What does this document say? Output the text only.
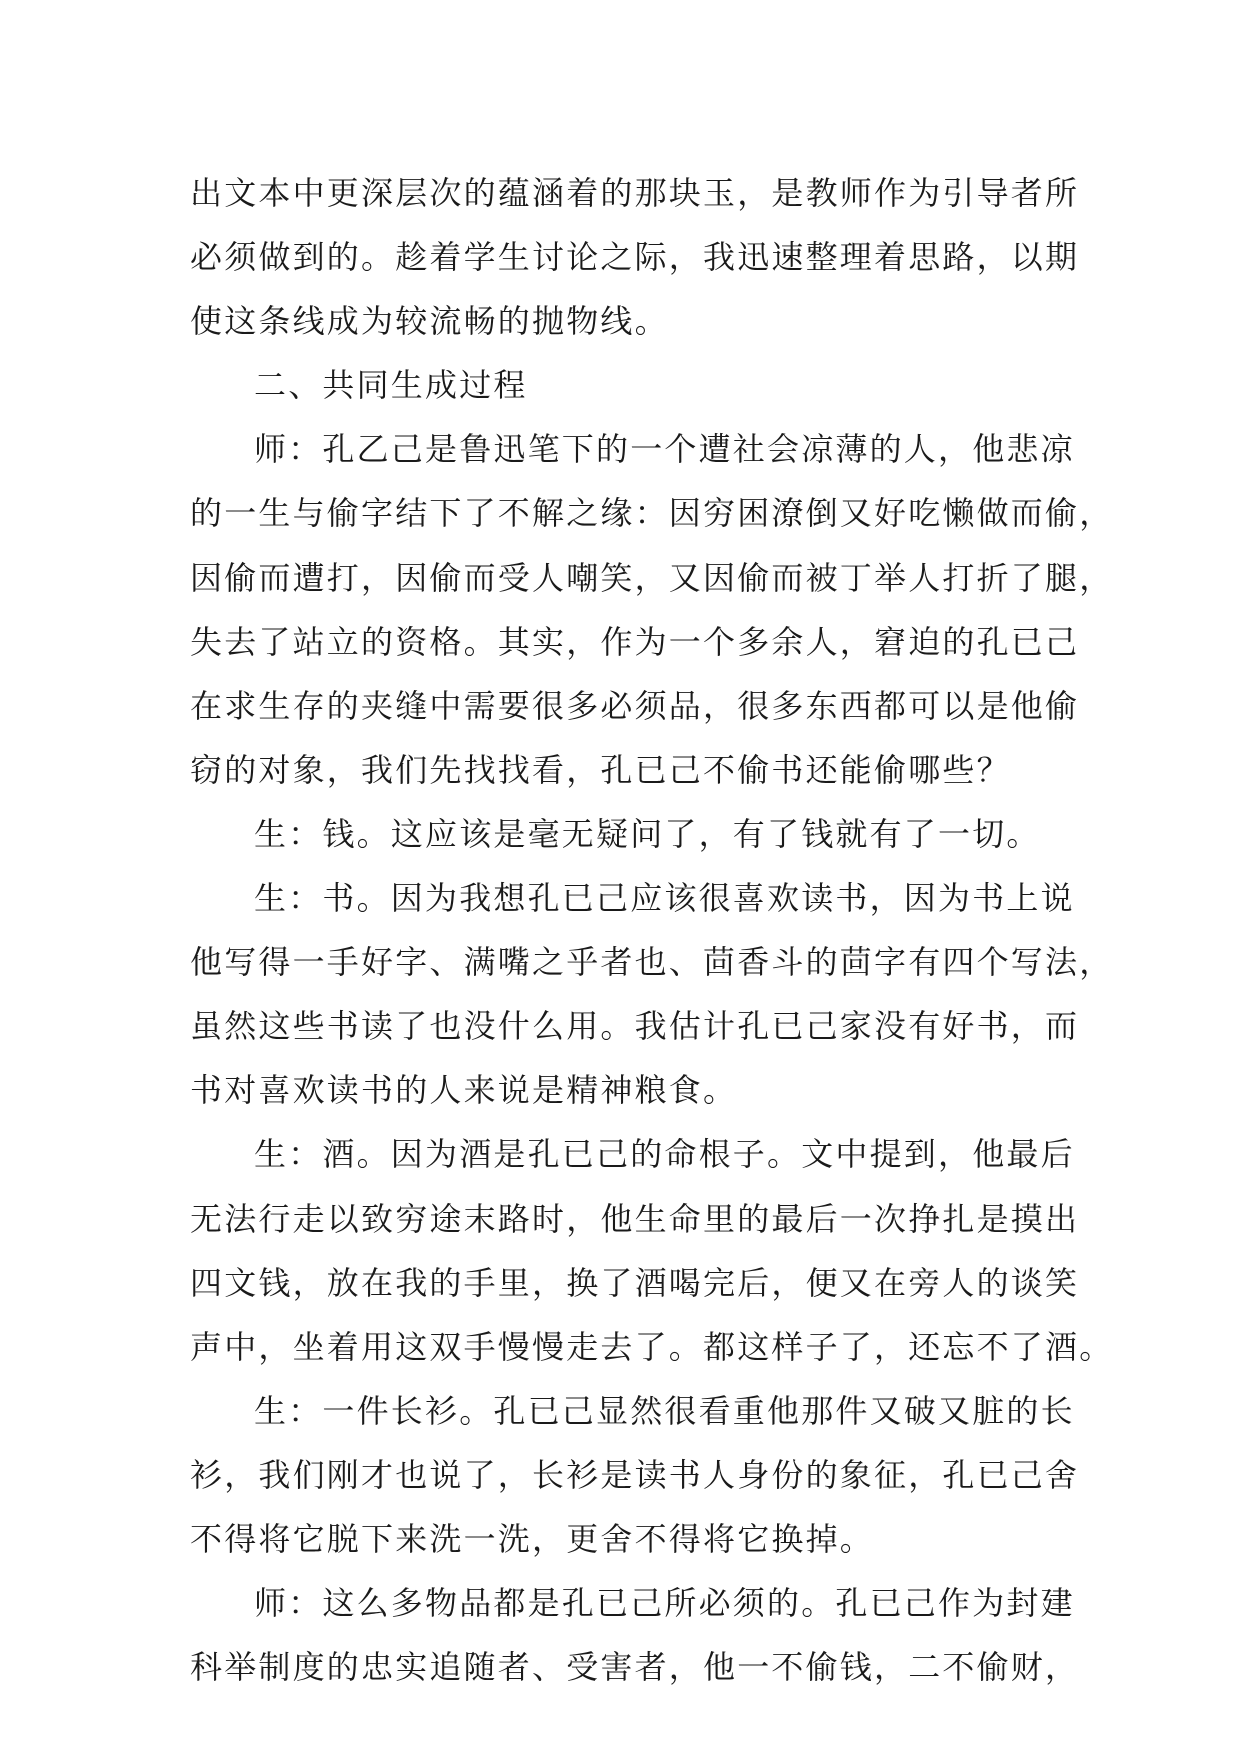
出文本中更深层次的蕴涵着的那块玉，是教师作为引导者所
必须做到的。趁着学生讨论之际，我迅速整理着思路，以期
使这条线成为较流畅的抛物线。
二、共同生成过程
师：孔乙己是鲁迅笔下的一个遭社会凉薄的人，他悲凉
的一生与偷字结下了不解之缘：因穷困潦倒又好吃懒做而偷，
因偷而遭打，因偷而受人嘲笑，又因偷而被丁举人打折了腿，
失去了站立的资格。其实，作为一个多余人，窘迫的孔已己
在求生存的夹缝中需要很多必须品，很多东西都可以是他偷
窃的对象，我们先找找看，孔已己不偷书还能偷哪些？
生：钱。这应该是毫无疑问了，有了钱就有了一切。
生：书。因为我想孔已己应该很喜欢读书，因为书上说
他写得一手好字、满嘴之乎者也、茴香斗的茴字有四个写法，
虽然这些书读了也没什么用。我估计孔已己家没有好书，而
书对喜欢读书的人来说是精神粮食。
生：酒。因为酒是孔已己的命根子。文中提到，他最后
无法行走以致穷途末路时，他生命里的最后一次挣扎是摸出
四文钱，放在我的手里，换了酒喝完后，便又在旁人的谈笑
声中，坐着用这双手慢慢走去了。都这样子了，还忘不了酒。
生：一件长衫。孔已己显然很看重他那件又破又脏的长
衫，我们刚才也说了，长衫是读书人身份的象征，孔已己舍
不得将它脱下来洗一洗，更舍不得将它换掉。
师：这么多物品都是孔已己所必须的。孔已己作为封建
科举制度的忠实追随者、受害者，他一不偷钱，二不偷财，
